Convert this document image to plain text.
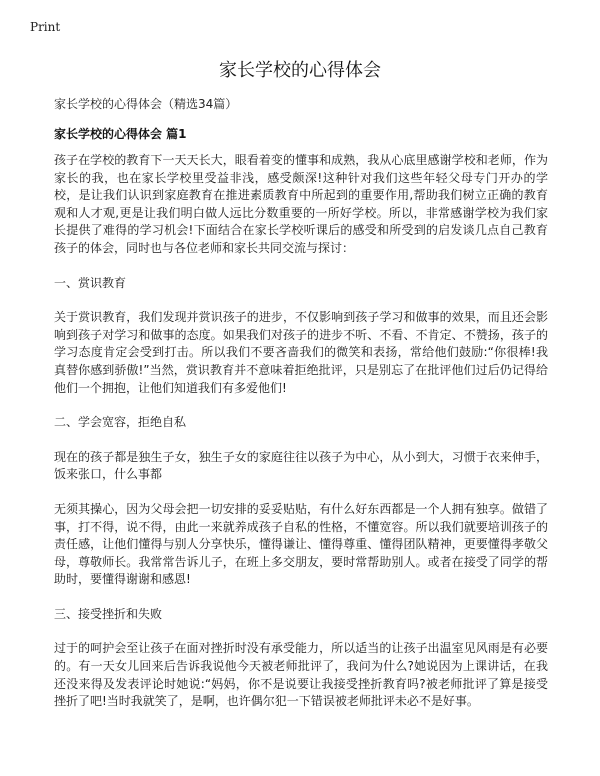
Print
家长学校的心得体会
家长学校的心得体会（精选34篇）
家长学校的心得体会 篇1

孩子在学校的教育下一天天长大，眼看着变的懂事和成熟，我从心底里感谢学校和老师，作为家长的我，也在家长学校里受益非浅，感受颇深!这种针对我们这些年轻父母专门开办的学校，是让我们认识到家庭教育在推进素质教育中所起到的重要作用,帮助我们树立正确的教育观和人才观,更是让我们明白做人远比分数重要的一所好学校。所以，非常感谢学校为我们家长提供了难得的学习机会!下面结合在家长学校听课后的感受和所受到的启发谈几点自己教育孩子的体会，同时也与各位老师和家长共同交流与探讨：

一、赏识教育

关于赏识教育，我们发现并赏识孩子的进步，不仅影响到孩子学习和做事的效果，而且还会影响到孩子对学习和做事的态度。如果我们对孩子的进步不听、不看、不肯定、不赞扬，孩子的学习态度肯定会受到打击。所以我们不要吝啬我们的微笑和表扬，常给他们鼓励:“你很棒!我真替你感到骄傲!”当然，赏识教育并不意味着拒绝批评，只是别忘了在批评他们过后仍记得给他们一个拥抱，让他们知道我们有多爱他们!

二、学会宽容，拒绝自私

现在的孩子都是独生子女，独生子女的家庭往往以孩子为中心，从小到大，习惯于衣来伸手，饭来张口，什么事都

无须其操心，因为父母会把一切安排的妥妥贴贴，有什么好东西都是一个人拥有独享。做错了事，打不得，说不得，由此一来就养成孩子自私的性格，不懂宽容。所以我们就要培训孩子的责任感，让他们懂得与别人分享快乐，懂得谦让、懂得尊重、懂得团队精神，更要懂得孝敬父母，尊敬师长。我常常告诉儿子，在班上多交朋友，要时常帮助别人。或者在接受了同学的帮助时，要懂得谢谢和感恩!

三、接受挫折和失败

过于的呵护会至让孩子在面对挫折时没有承受能力，所以适当的让孩子出温室见风雨是有必要的。有一天女儿回来后告诉我说他今天被老师批评了，我问为什么?她说因为上课讲话，在我还没来得及发表评论时她说:“妈妈，你不是说要让我接受挫折教育吗?被老师批评了算是接受挫折了吧!当时我就笑了，是啊，也许偶尔犯一下错误被老师批评未必不是好事。
